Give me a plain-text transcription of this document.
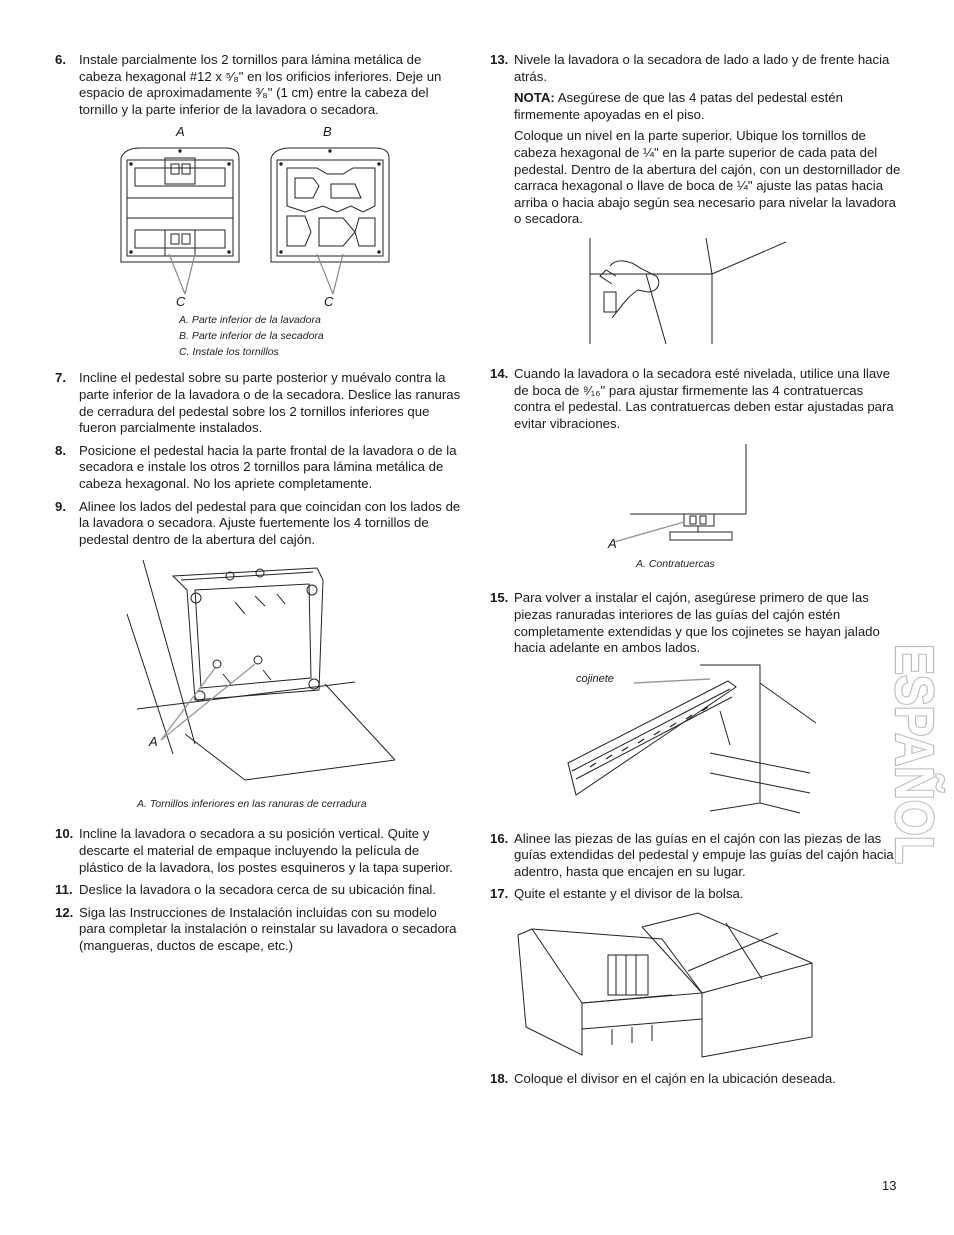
6. Instale parcialmente los 2 tornillos para lámina metálica de cabeza hexagonal #12 x ⁵⁄₈" en los orificios inferiores. Deje un espacio de aproximadamente ³⁄₈" (1 cm) entre la cabeza del tornillo y la parte inferior de la lavadora o secadora.

A	B
C	C
A. Parte inferior de la lavadora
B. Parte inferior de la secadora
C. Instale los tornillos
7. Incline el pedestal sobre su parte posterior y muévalo contra la parte inferior de la lavadora o de la secadora. Deslice las ranuras de cerradura del pedestal sobre los 2 tornillos inferiores que fueron parcialmente instalados.

8. Posicione el pedestal hacia la parte frontal de la lavadora o de la secadora e instale los otros 2 tornillos para lámina metálica de cabeza hexagonal. No los apriete completamente.

9. Alinee los lados del pedestal para que coincidan con los lados de la lavadora o secadora. Ajuste fuertemente los 4 tornillos de pedestal dentro de la abertura del cajón.

A
A. Tornillos inferiores en las ranuras de cerradura
10. Incline la lavadora o secadora a su posición vertical. Quite y descarte el material de empaque incluyendo la película de plástico de la lavadora, los postes esquineros y la tapa superior.

11. Deslice la lavadora o la secadora cerca de su ubicación final.

12. Siga las Instrucciones de Instalación incluidas con su modelo para completar la instalación o reinstalar su lavadora o secadora (mangueras, ductos de escape, etc.)

13. Nivele la lavadora o la secadora de lado a lado y de frente hacia atrás.

NOTA: Asegúrese de que las 4 patas del pedestal estén firmemente apoyadas en el piso.

Coloque un nivel en la parte superior. Ubique los tornillos de cabeza hexagonal de ¼" en la parte superior de cada pata del pedestal. Dentro de la abertura del cajón, con un destornillador de carraca hexagonal o llave de boca de ¼" ajuste las patas hacia arriba o hacia abajo según sea necesario para nivelar la lavadora o secadora.

14. Cuando la lavadora o la secadora esté nivelada, utilice una llave de boca de ⁹⁄₁₆" para ajustar firmemente las 4 contratuercas contra el pedestal. Las contratuercas deben estar ajustadas para evitar vibraciones.

A
A. Contratuercas
15. Para volver a instalar el cajón, asegúrese primero de que las piezas ranuradas interiores de las guías del cajón estén completamente extendidas y que los cojinetes se hayan jalado hacia adelante en ambos lados.

cojinete
16. Alinee las piezas de las guías en el cajón con las piezas de las guías extendidas del pedestal y empuje las guías del cajón hacia adentro, hasta que encajen en su lugar.

17. Quite el estante y el divisor de la bolsa.

18. Coloque el divisor en el cajón en la ubicación deseada.

ESPAÑOL
13
